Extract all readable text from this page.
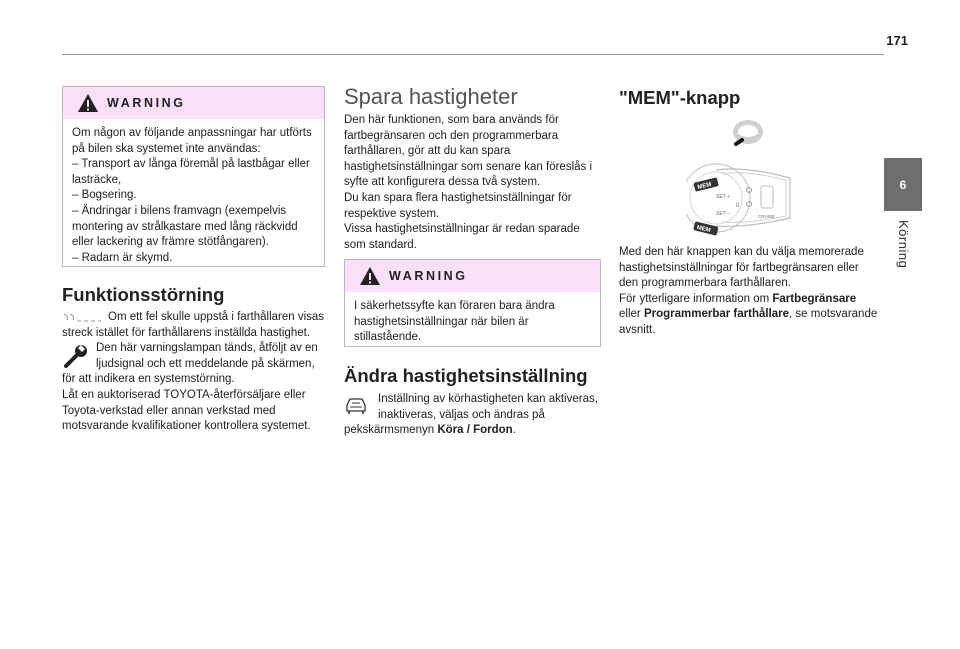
171
6
Körning
WARNING

Om någon av följande anpassningar har utförts på bilen ska systemet inte användas:

– Transport av långa föremål på lastbågar eller lasträcke,

– Bogsering.

– Ändringar i bilens framvagn (exempelvis montering av strålkastare med lång räckvidd eller lackering av främre stötfångaren).

– Radarn är skymd.

Funktionsstörning

Om ett fel skulle uppstå i farthållaren visas streck istället för farthållarens inställda hastighet.

Den här varningslampan tänds, åtföljt av en ljudsignal och ett meddelande på skärmen, för att indikera en systemstörning.

Låt en auktoriserad TOYOTA-återförsäljare eller Toyota-verkstad eller annan verkstad med motsvarande kvalifikationer kontrollera systemet.

Spara hastigheter

Den här funktionen, som bara används för fartbegränsaren och den programmerbara farthållaren, gör att du kan spara hastighetsinställningar som senare kan föreslås i syfte att konfigurera dessa två system.

Du kan spara flera hastighetsinställningar för respektive system.

Vissa hastighetsinställningar är redan sparade som standard.

WARNING

I säkerhetssyfte kan föraren bara ändra hastighetsinställningar när bilen är stillastående.

Ändra hastighetsinställning

Inställning av körhastigheten kan aktiveras, inaktiveras, väljas och ändras på pekskärmsmenyn Köra / Fordon.

"MEM"-knapp
MEM
SET +
SET –
MEM
0
CRUISE

Med den här knappen kan du välja memorerade hastighetsinställningar för fartbegränsaren eller den programmerbara farthållaren.

För ytterligare information om Fartbegränsare eller Programmerbar farthållare, se motsvarande avsnitt.
